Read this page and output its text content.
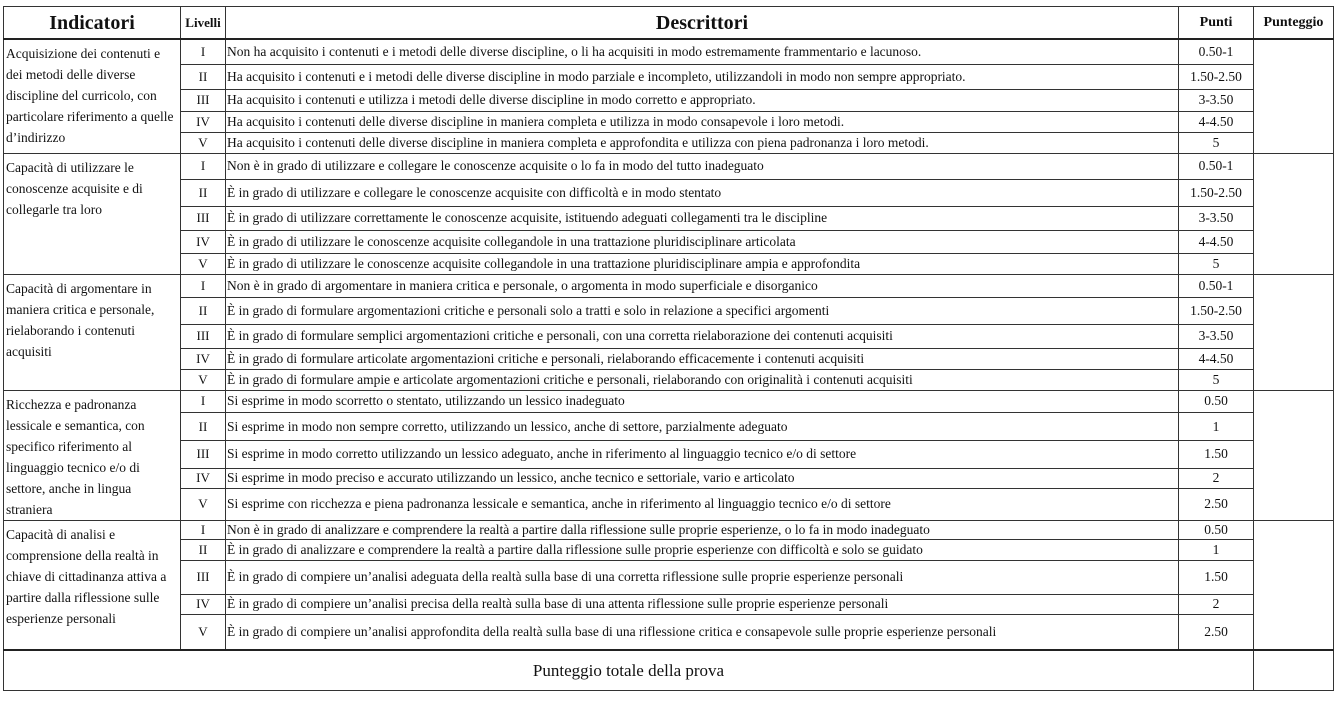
Indicatori	Livelli	Descrittori	Punti	Punteggio
Acquisizione dei contenuti e dei metodi delle diverse discipline del curricolo, con particolare riferimento a quelle d’indirizzo	I	Non ha acquisito i contenuti e i metodi delle diverse discipline, o li ha acquisiti in modo estremamente frammentario e lacunoso.	0.50-1	
	II	Ha acquisito i contenuti e i metodi delle diverse discipline in modo parziale e incompleto, utilizzandoli in modo non sempre appropriato.	1.50-2.50	
	III	Ha acquisito i contenuti e utilizza i metodi delle diverse discipline in modo corretto e appropriato.	3-3.50	
	IV	Ha acquisito i contenuti delle diverse discipline in maniera completa e utilizza in modo consapevole i loro metodi.	4-4.50	
	V	Ha acquisito i contenuti delle diverse discipline in maniera completa e approfondita e utilizza con piena padronanza i loro metodi.	5	
Capacità di utilizzare le conoscenze acquisite e di collegarle tra loro	I	Non è in grado di utilizzare e collegare le conoscenze acquisite o lo fa in modo del tutto inadeguato	0.50-1	
	II	È in grado di utilizzare e collegare le conoscenze acquisite con difficoltà e in modo stentato	1.50-2.50	
	III	È in grado di utilizzare correttamente le conoscenze acquisite, istituendo adeguati collegamenti tra le discipline	3-3.50	
	IV	È in grado di utilizzare le conoscenze acquisite collegandole in una trattazione pluridisciplinare articolata	4-4.50	
	V	È in grado di utilizzare le conoscenze acquisite collegandole in una trattazione pluridisciplinare ampia e approfondita	5	
Capacità di argomentare in maniera critica e personale, rielaborando i contenuti acquisiti	I	Non è in grado di argomentare in maniera critica e personale, o argomenta in modo superficiale e disorganico	0.50-1	
	II	È in grado di formulare argomentazioni critiche e personali solo a tratti e solo in relazione a specifici argomenti	1.50-2.50	
	III	È in grado di formulare semplici argomentazioni critiche e personali, con una corretta rielaborazione dei contenuti acquisiti	3-3.50	
	IV	È in grado di formulare articolate argomentazioni critiche e personali, rielaborando efficacemente i contenuti acquisiti	4-4.50	
	V	È in grado di formulare ampie e articolate argomentazioni critiche e personali, rielaborando con originalità i contenuti acquisiti	5	
Ricchezza e padronanza lessicale e semantica, con specifico riferimento al linguaggio tecnico e/o di settore, anche in lingua straniera	I	Si esprime in modo scorretto o stentato, utilizzando un lessico inadeguato	0.50	
	II	Si esprime in modo non sempre corretto, utilizzando un lessico, anche di settore, parzialmente adeguato	1	
	III	Si esprime in modo corretto utilizzando un lessico adeguato, anche in riferimento al linguaggio tecnico e/o di settore	1.50	
	IV	Si esprime in modo preciso e accurato utilizzando un lessico, anche tecnico e settoriale, vario e articolato	2	
	V	Si esprime con ricchezza e piena padronanza lessicale e semantica, anche in riferimento al linguaggio tecnico e/o di settore	2.50	
Capacità di analisi e comprensione della realtà in chiave di cittadinanza attiva a partire dalla riflessione sulle esperienze personali	I	Non è in grado di analizzare e comprendere la realtà a partire dalla riflessione sulle proprie esperienze, o lo fa in modo inadeguato	0.50	
	II	È in grado di analizzare e comprendere la realtà a partire dalla riflessione sulle proprie esperienze con difficoltà e solo se guidato	1	
	III	È in grado di compiere un’analisi adeguata della realtà sulla base di una corretta riflessione sulle proprie esperienze personali	1.50	
	IV	È in grado di compiere un’analisi precisa della realtà sulla base di una attenta riflessione sulle proprie esperienze personali	2	
	V	È in grado di compiere un’analisi approfondita della realtà sulla base di una riflessione critica e consapevole sulle proprie esperienze personali	2.50	
Punteggio totale della prova				
